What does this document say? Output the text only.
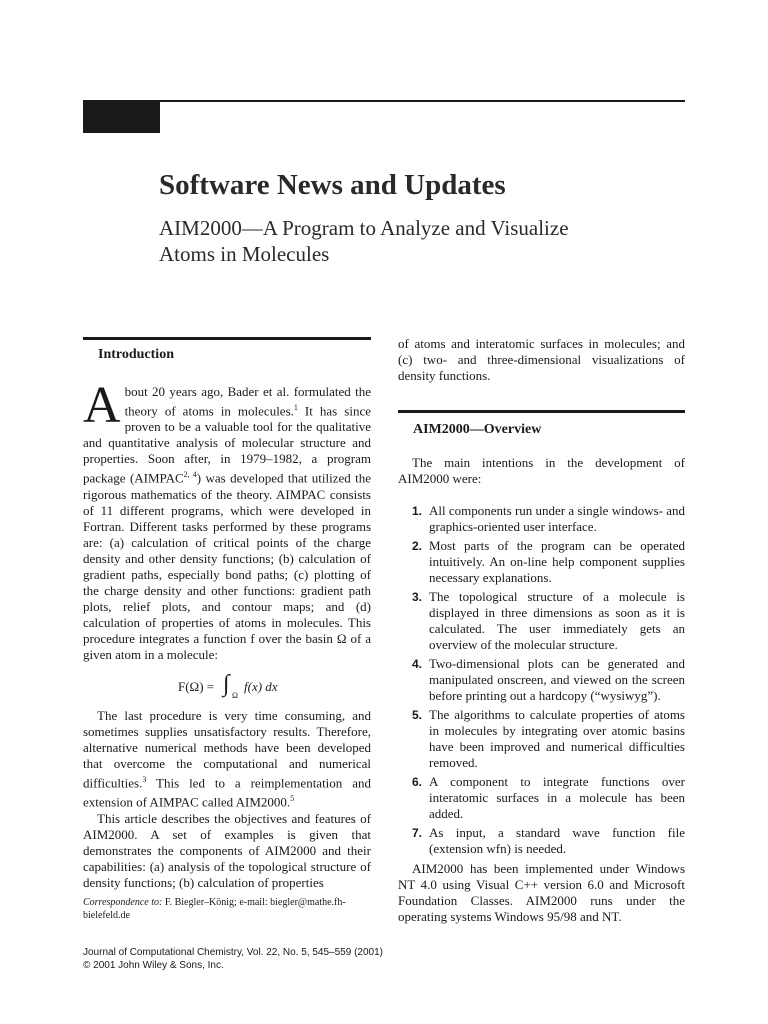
Software News and Updates
AIM2000—A Program to Analyze and Visualize
Atoms in Molecules
Introduction

About 20 years ago, Bader et al. formulated the theory of atoms in molecules.$^1$ It has since proven to be a valuable tool for the qualitative and quantitative analysis of molecular structure and properties. Soon after, in 1979–1982, a program package (AIMPAC$^{2, 4}$) was developed that utilized the rigorous mathematics of the theory. AIMPAC consists of 11 different programs, which were developed in Fortran. Different tasks performed by these programs are: (a) calculation of critical points of the charge density and other density functions; (b) calculation of gradient paths, especially bond paths; (c) plotting of the charge density and other functions: gradient path plots, relief plots, and contour maps; and (d) calculation of properties of atoms in molecules. This procedure integrates a function f over the basin Ω of a given atom in a molecule:

F(Ω) = ∫ Ω
f(x) dx

The last procedure is very time consuming, and sometimes supplies unsatisfactory results. Therefore, alternative numerical methods have been developed that overcome the computational and numerical difficulties.$^3$ This led to a reimplementation and extension of AIMPAC called AIM2000.$^5$

This article describes the objectives and features of AIM2000. A set of examples is given that demonstrates the components of AIM2000 and their capabilities: (a) analysis of the topological structure of density functions; (b) calculation of properties

Correspondence to: F. Biegler–König; e-mail: biegler@mathe.fh-bielefeld.de
Journal of Computational Chemistry, Vol. 22, No. 5, 545–559 (2001)
© 2001 John Wiley & Sons, Inc.

of atoms and interatomic surfaces in molecules; and (c) two- and three-dimensional visualizations of density functions.

AIM2000—Overview

The main intentions in the development of AIM2000 were:

1. All components run under a single windows- and graphics-oriented user interface.
2. Most parts of the program can be operated intuitively. An on-line help component supplies necessary explanations.
3. The topological structure of a molecule is displayed in three dimensions as soon as it is calculated. The user immediately gets an overview of the molecular structure.
4. Two-dimensional plots can be generated and manipulated onscreen, and viewed on the screen before printing out a hardcopy (“wysiwyg”).
5. The algorithms to calculate properties of atoms in molecules by integrating over atomic basins have been improved and numerical difficulties removed.
6. A component to integrate functions over interatomic surfaces in a molecule has been added.
7. As input, a standard wave function file (extension wfn) is needed.

AIM2000 has been implemented under Windows NT 4.0 using Visual C++ version 6.0 and Microsoft Foundation Classes. AIM2000 runs under the operating systems Windows 95/98 and NT.
